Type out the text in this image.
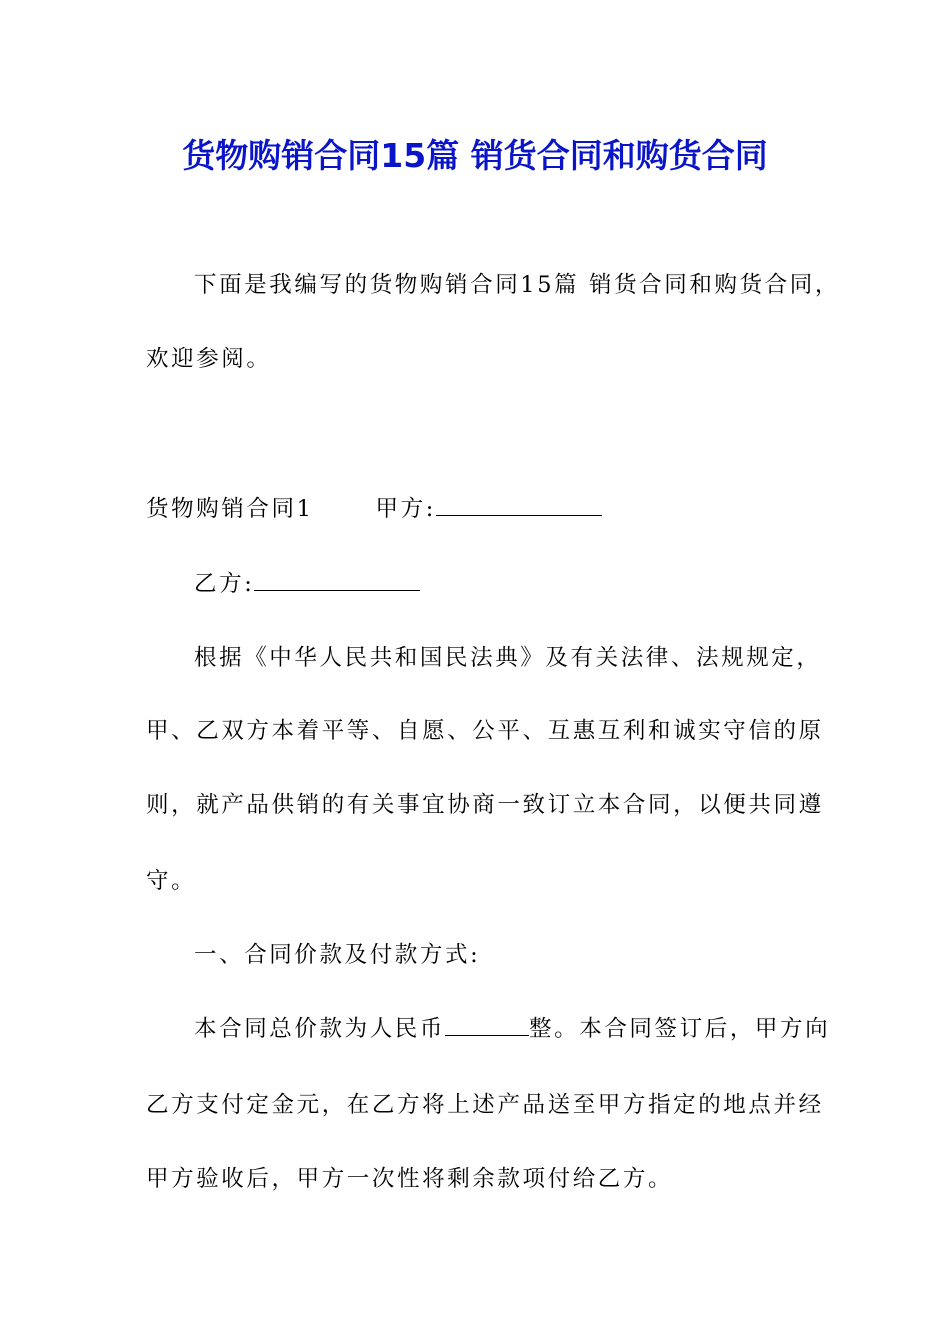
货物购销合同15篇 销货合同和购货合同
下面是我编写的货物购销合同15篇 销货合同和购货合同，
欢迎参阅。
货物购销合同1	甲方:
乙方:
根据《中华人民共和国民法典》及有关法律、法规规定，
甲、乙双方本着平等、自愿、公平、互惠互利和诚实守信的原
则，就产品供销的有关事宜协商一致订立本合同，以便共同遵
守。
一、合同价款及付款方式:
本合同总价款为人民币	整。本合同签订后，甲方向
乙方支付定金元，在乙方将上述产品送至甲方指定的地点并经
甲方验收后，甲方一次性将剩余款项付给乙方。
